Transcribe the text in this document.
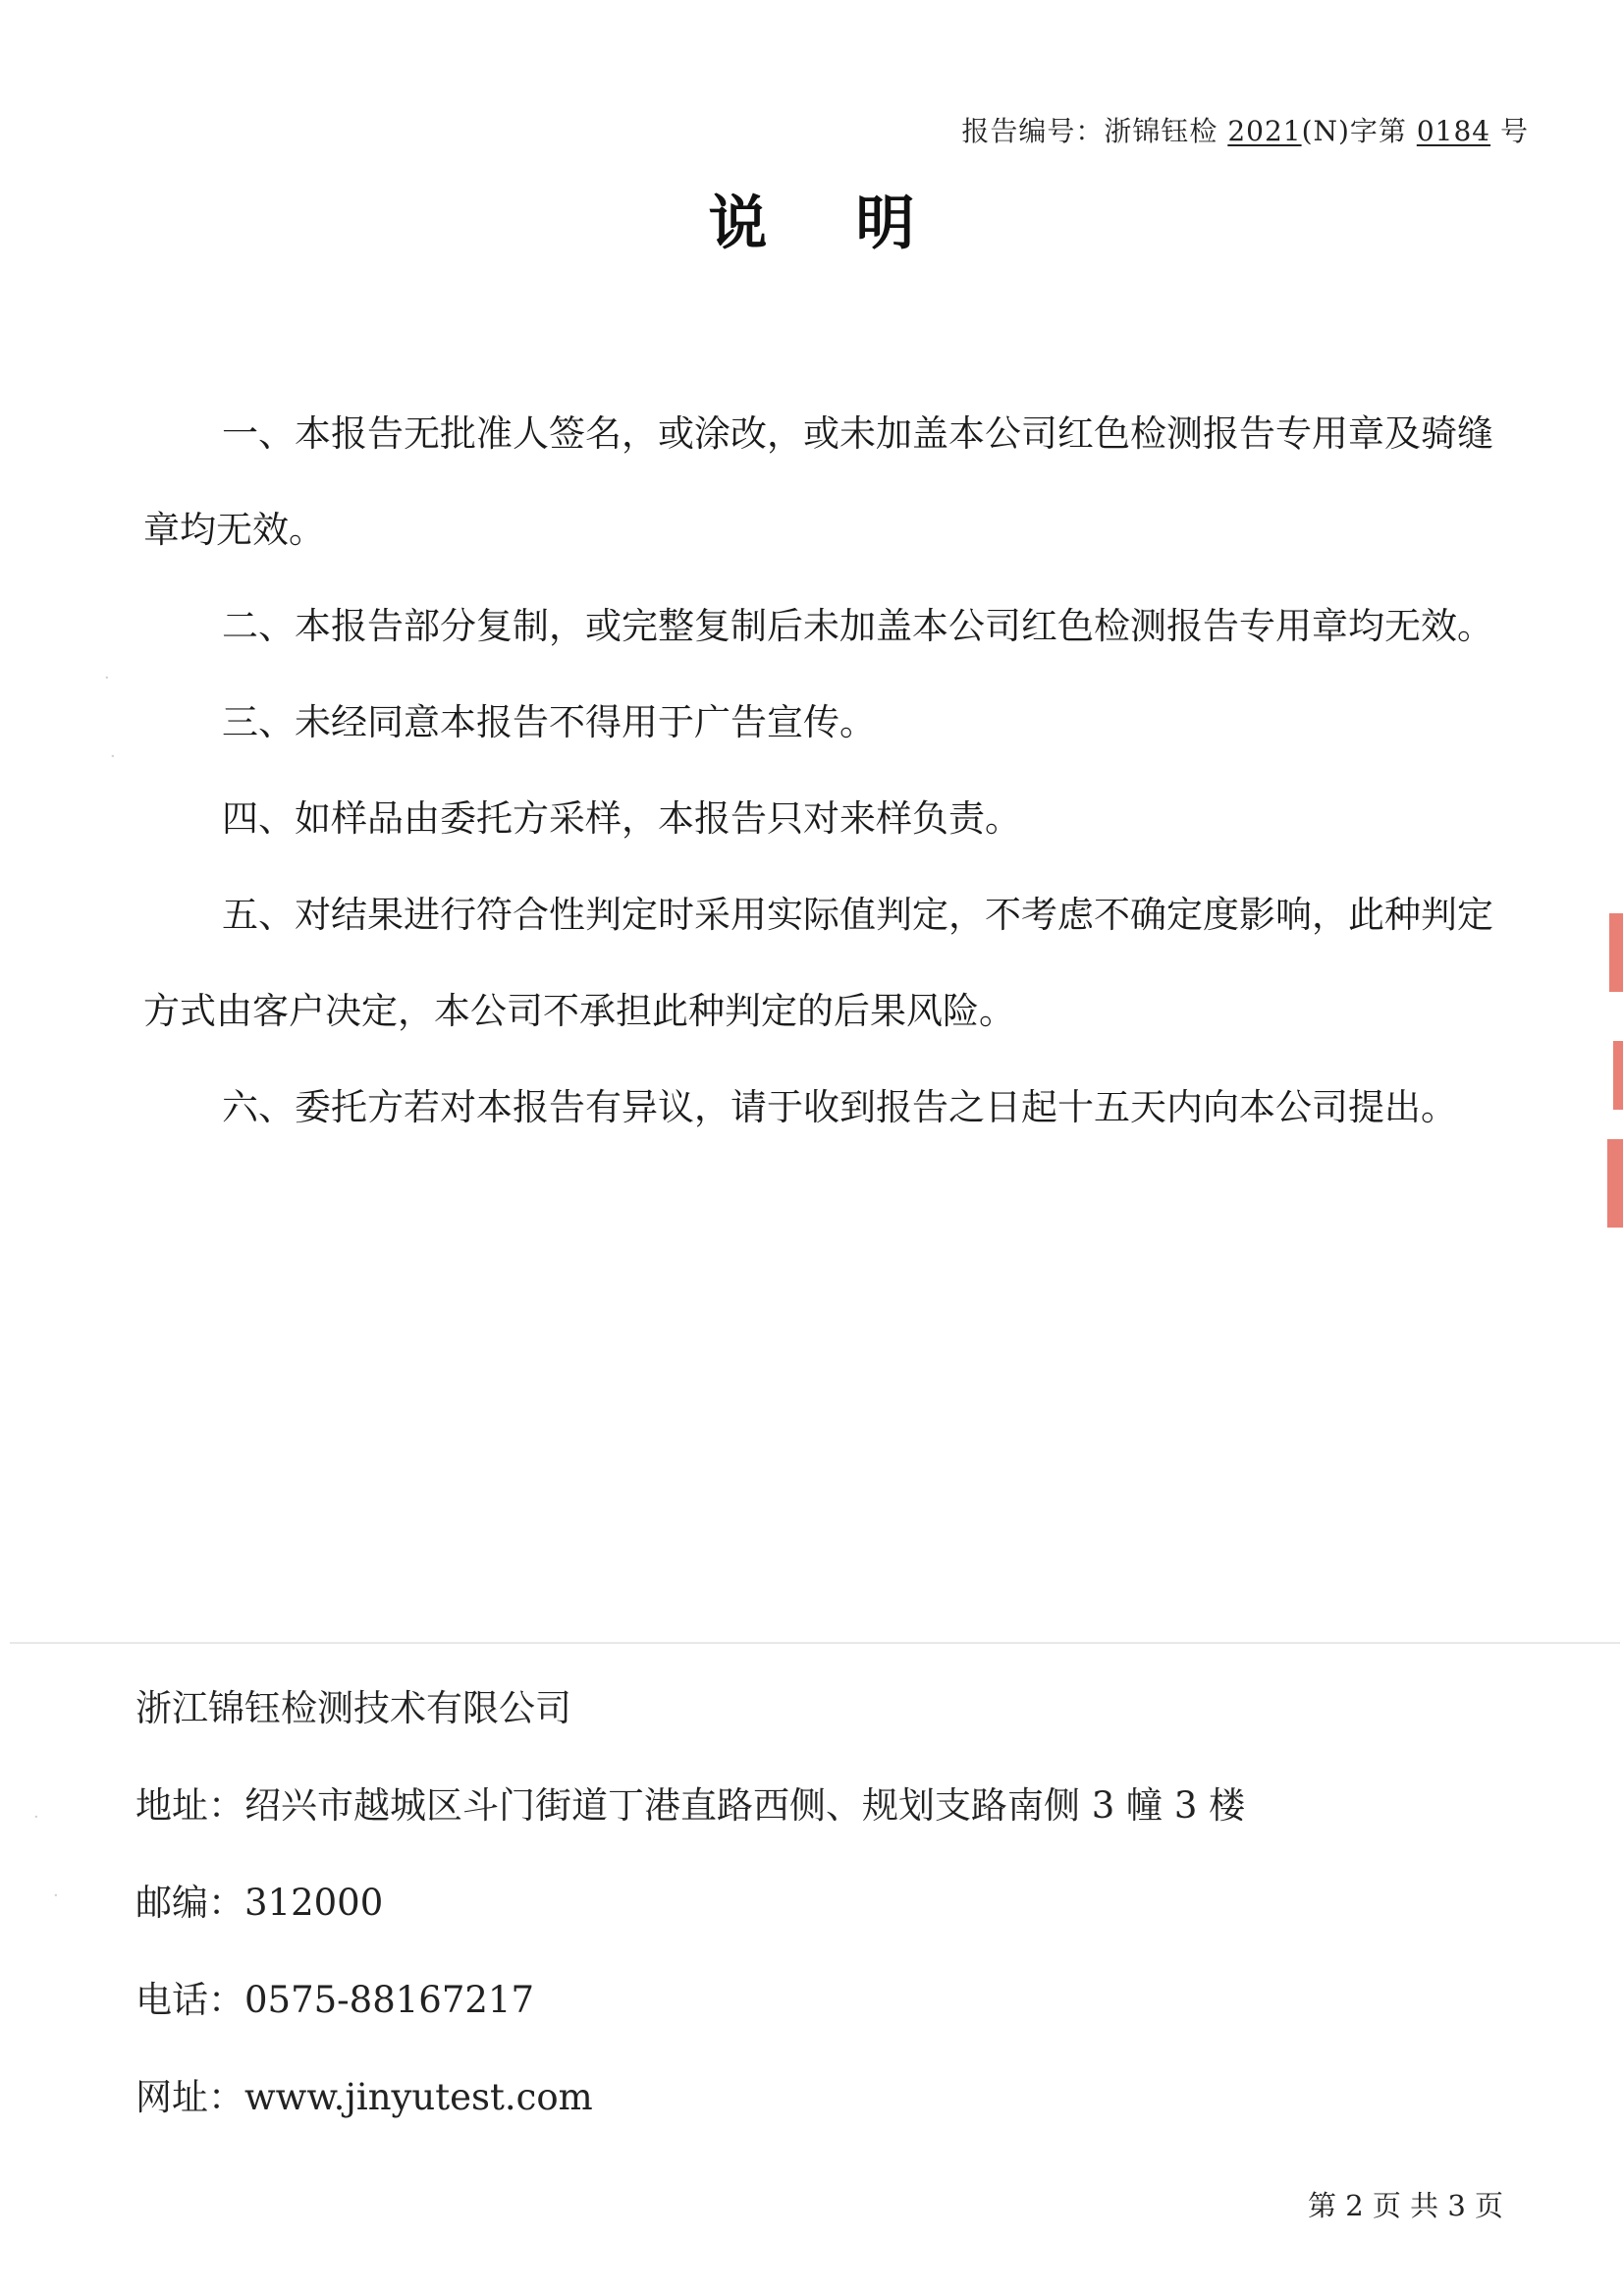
报告编号：浙锦钰检 2021(N)字第 0184 号
说明

一、本报告无批准人签名，或涂改，或未加盖本公司红色检测报告专用章及骑缝章均无效。

二、本报告部分复制，或完整复制后未加盖本公司红色检测报告专用章均无效。

三、未经同意本报告不得用于广告宣传。

四、如样品由委托方采样，本报告只对来样负责。

五、对结果进行符合性判定时采用实际值判定，不考虑不确定度影响，此种判定方式由客户决定，本公司不承担此种判定的后果风险。

六、委托方若对本报告有异议，请于收到报告之日起十五天内向本公司提出。

浙江锦钰检测技术有限公司
地址：绍兴市越城区斗门街道丁港直路西侧、规划支路南侧 3 幢 3 楼
邮编：312000
电话：0575-88167217
网址：www.jinyutest.com
第 2 页 共 3 页
·
·
·
·
